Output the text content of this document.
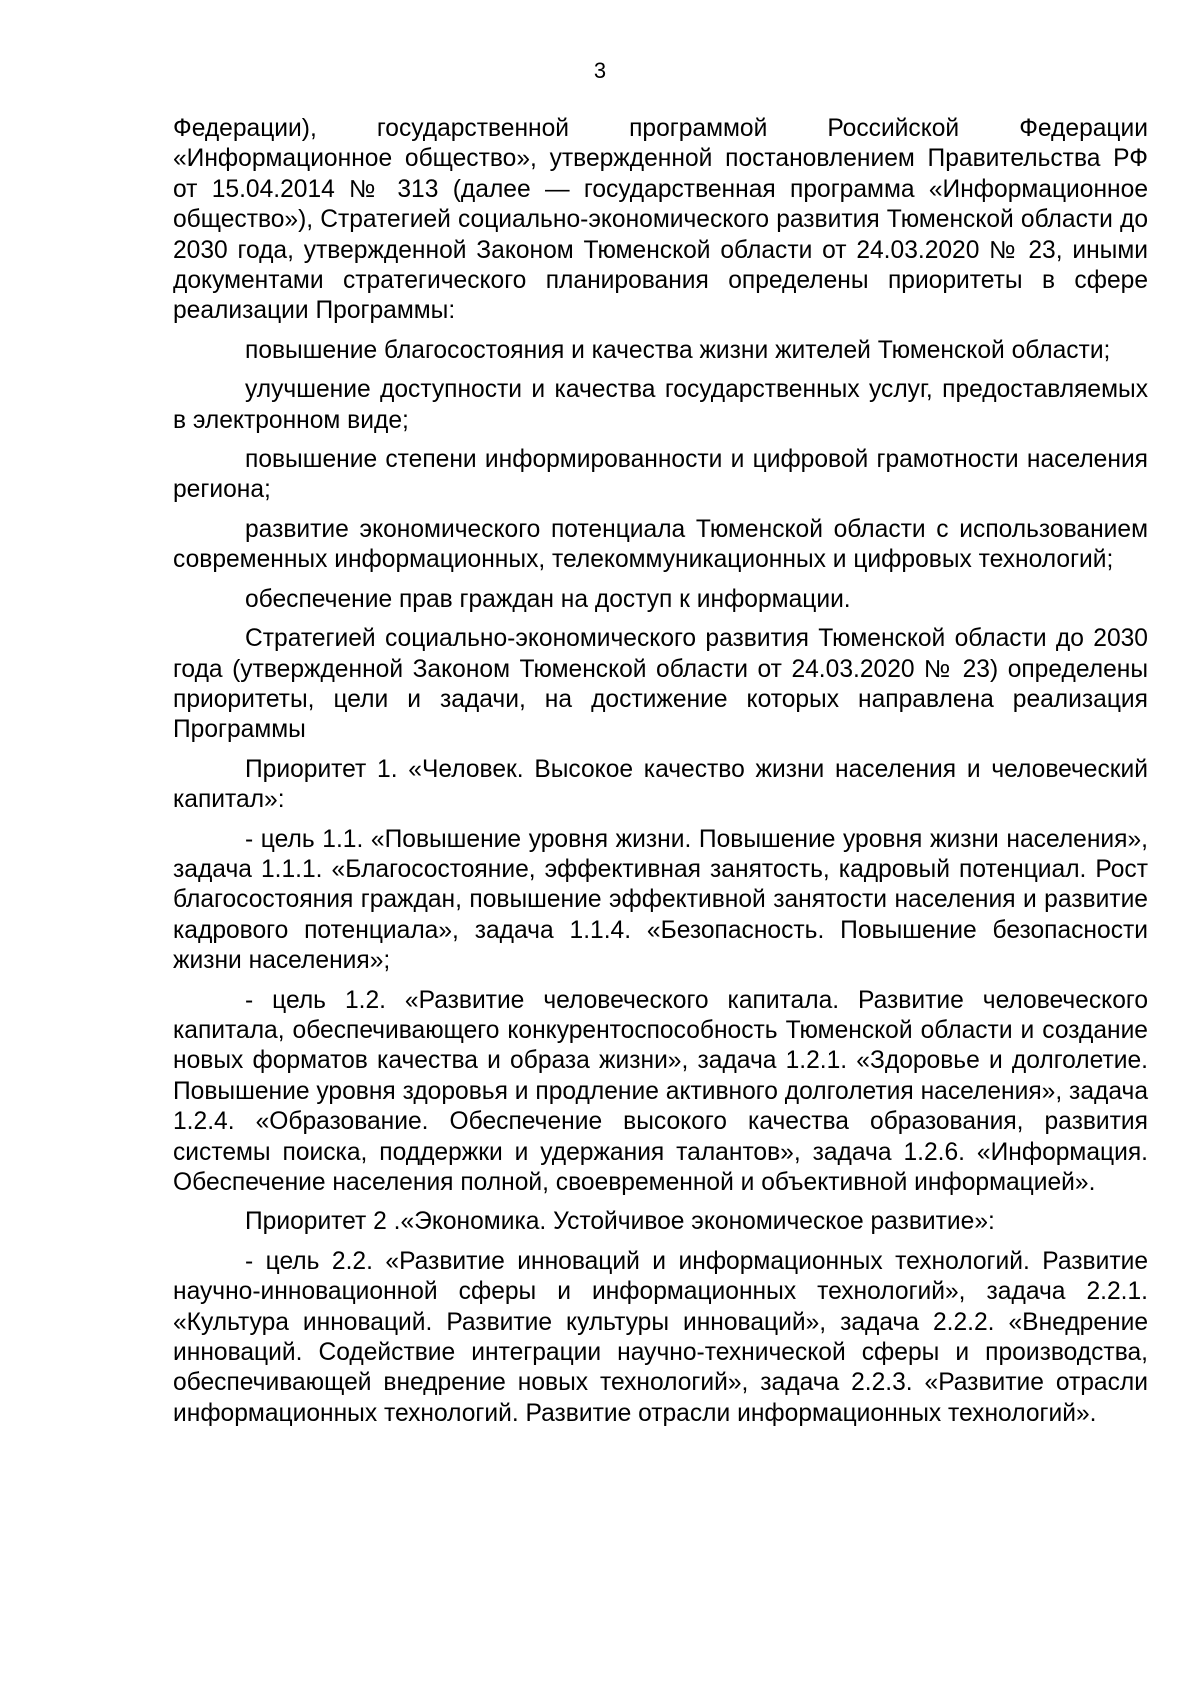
3

Федерации), государственной программой Российской Федерации «Информационное общество», утвержденной постановлением Правительства РФ от 15.04.2014 № 313 (далее — государственная программа «Информационное общество»), Стратегией социально-экономического развития Тюменской области до 2030 года, утвержденной Законом Тюменской области от 24.03.2020 № 23, иными документами стратегического планирования определены приоритеты в сфере реализации Программы:

повышение благосостояния и качества жизни жителей Тюменской области;

улучшение доступности и качества государственных услуг, предоставляемых в электронном виде;

повышение степени информированности и цифровой грамотности населения региона;

развитие экономического потенциала Тюменской области с использованием современных информационных, телекоммуникационных и цифровых технологий;

обеспечение прав граждан на доступ к информации.

Стратегией социально-экономического развития Тюменской области до 2030 года (утвержденной Законом Тюменской области от 24.03.2020 № 23) определены приоритеты, цели и задачи, на достижение которых направлена реализация Программы

Приоритет 1. «Человек. Высокое качество жизни населения и человеческий капитал»:

- цель 1.1. «Повышение уровня жизни. Повышение уровня жизни населения», задача 1.1.1. «Благосостояние, эффективная занятость, кадровый потенциал. Рост благосостояния граждан, повышение эффективной занятости населения и развитие кадрового потенциала», задача 1.1.4. «Безопасность. Повышение безопасности жизни населения»;

- цель 1.2. «Развитие человеческого капитала. Развитие человеческого капитала, обеспечивающего конкурентоспособность Тюменской области и создание новых форматов качества и образа жизни», задача 1.2.1. «Здоровье и долголетие. Повышение уровня здоровья и продление активного долголетия населения», задача 1.2.4. «Образование. Обеспечение высокого качества образования, развития системы поиска, поддержки и удержания талантов», задача 1.2.6. «Информация. Обеспечение населения полной, своевременной и объективной информацией».

Приоритет 2 .«Экономика. Устойчивое экономическое развитие»:

- цель 2.2. «Развитие инноваций и информационных технологий. Развитие научно-инновационной сферы и информационных технологий», задача 2.2.1. «Культура инноваций. Развитие культуры инноваций», задача 2.2.2. «Внедрение инноваций. Содействие интеграции научно-технической сферы и производства, обеспечивающей внедрение новых технологий», задача 2.2.3. «Развитие отрасли информационных технологий. Развитие отрасли информационных технологий».
